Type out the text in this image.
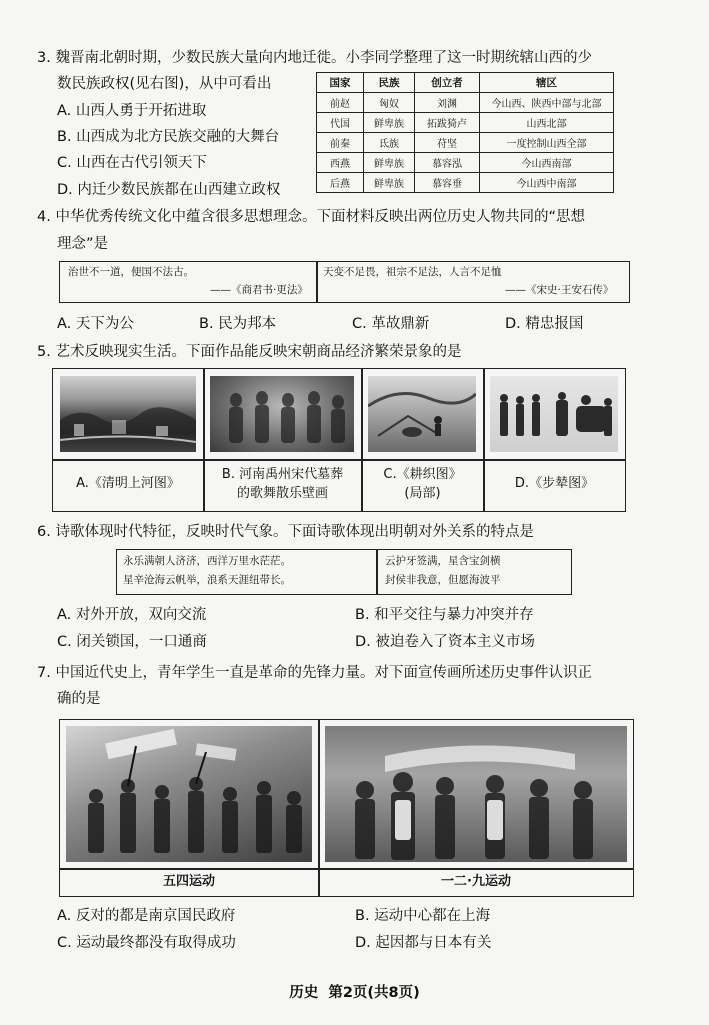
3. 魏晋南北朝时期，少数民族大量向内地迁徙。小李同学整理了这一时期统辖山西的少
数民族政权(见右图)，从中可看出
A. 山西人勇于开拓进取
B. 山西成为北方民族交融的大舞台
C. 山西在古代引领天下
D. 内迁少数民族都在山西建立政权
国家	民族	创立者	辖区
前赵	匈奴	刘渊	今山西、陕西中部与北部
代国	鲜卑族	拓跋猗卢	山西北部
前秦	氐族	苻坚	一度控制山西全部
西燕	鲜卑族	慕容泓	今山西南部
后燕	鲜卑族	慕容垂	今山西中南部
4. 中华优秀传统文化中蕴含很多思想理念。下面材料反映出两位历史人物共同的“思想
理念”是
治世不一道，便国不法古。
——《商君书·更法》
天变不足畏，祖宗不足法，人言不足恤
——《宋史·王安石传》
A. 天下为公	B. 民为邦本	C. 革故鼎新	D. 精忠报国
5. 艺术反映现实生活。下面作品能反映宋朝商品经济繁荣景象的是
A.《清明上河图》
B. 河南禹州宋代墓葬
的歌舞散乐壁画
C.《耕织图》
(局部)
D.《步辇图》
6. 诗歌体现时代特征，反映时代气象。下面诗歌体现出明朝对外关系的特点是
永乐满朝人济济，西洋万里水茫茫。
星辛沧海云帆举，浪系天涯纽带长。
云护牙签满，星含宝剑横
封侯非我意，但愿海波平
A. 对外开放，双向交流	B. 和平交往与暴力冲突并存
C. 闭关锁国，一口通商	D. 被迫卷入了资本主义市场
7. 中国近代史上，青年学生一直是革命的先锋力量。对下面宣传画所述历史事件认识正
确的是
五四运动	一二·九运动
A. 反对的都是南京国民政府	B. 运动中心都在上海
C. 运动最终都没有取得成功	D. 起因都与日本有关
历史  第2页(共8页)
